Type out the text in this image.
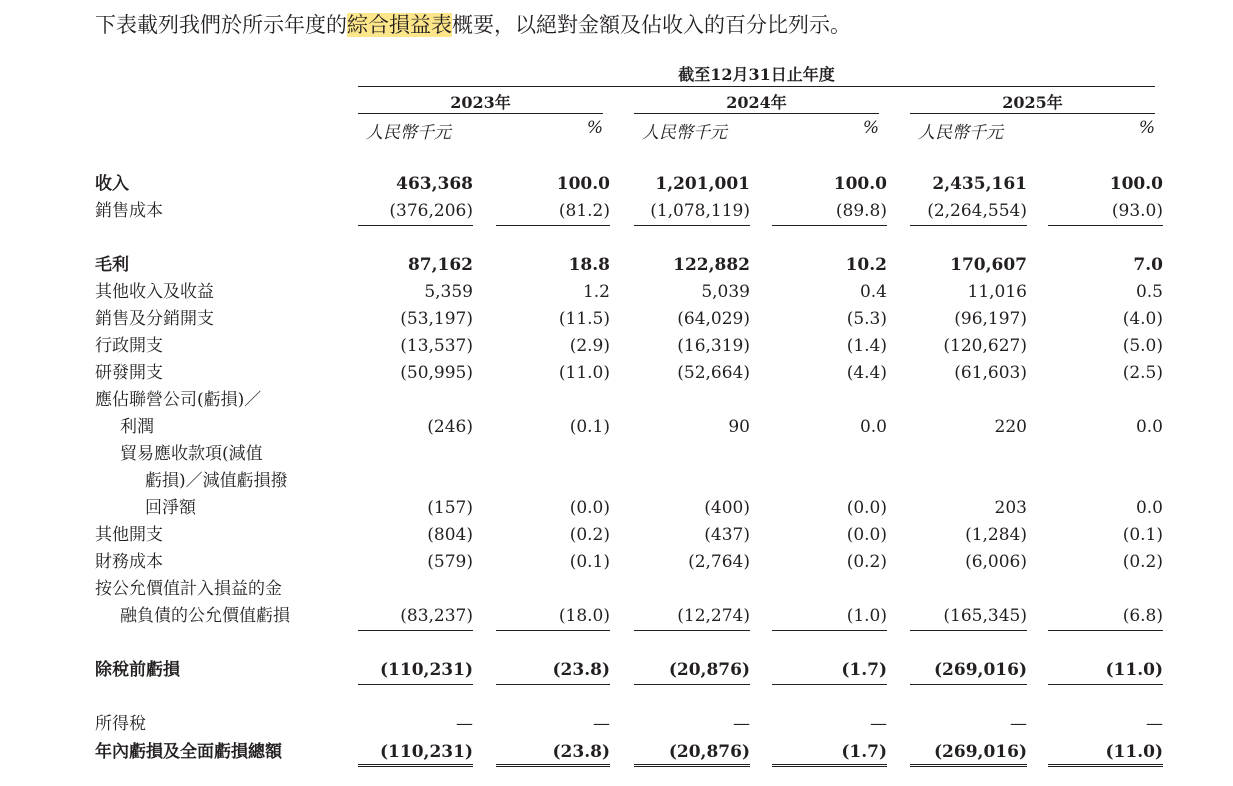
下表載列我們於所示年度的綜合損益表概要，以絕對金額及佔收入的百分比列示。

截至12月31日止年度
2023年	2024年	2025年
人民幣千元	% 人民幣千元	% 人民幣千元	%
收入	463,368	100.0	1,201,001	100.0	2,435,161	100.0
銷售成本	(376,206)	(81.2)	(1,078,119)	(89.8)	(2,264,554)	(93.0)
毛利	87,162	18.8	122,882	10.2	170,607	7.0
其他收入及收益	5,359	1.2	5,039	0.4	11,016	0.5
銷售及分銷開支	(53,197)	(11.5)	(64,029)	(5.3)	(96,197)	(4.0)
行政開支	(13,537)	(2.9)	(16,319)	(1.4)	(120,627)	(5.0)
研發開支	(50,995)	(11.0)	(52,664)	(4.4)	(61,603)	(2.5)
應佔聯營公司(虧損)／
利潤	(246)	(0.1)	90	0.0	220	0.0
貿易應收款項(減值
虧損)／減值虧損撥
回淨額	(157)	(0.0)	(400)	(0.0)	203	0.0
其他開支	(804)	(0.2)	(437)	(0.0)	(1,284)	(0.1)
財務成本	(579)	(0.1)	(2,764)	(0.2)	(6,006)	(0.2)
按公允價值計入損益的金
融負債的公允價值虧損	(83,237)	(18.0)	(12,274)	(1.0)	(165,345)	(6.8)
除稅前虧損	(110,231)	(23.8)	(20,876)	(1.7)	(269,016)	(11.0)
所得稅	—	—	—	—	—	—
年內虧損及全面虧損總額	(110,231)	(23.8)	(20,876)	(1.7)	(269,016)	(11.0)
